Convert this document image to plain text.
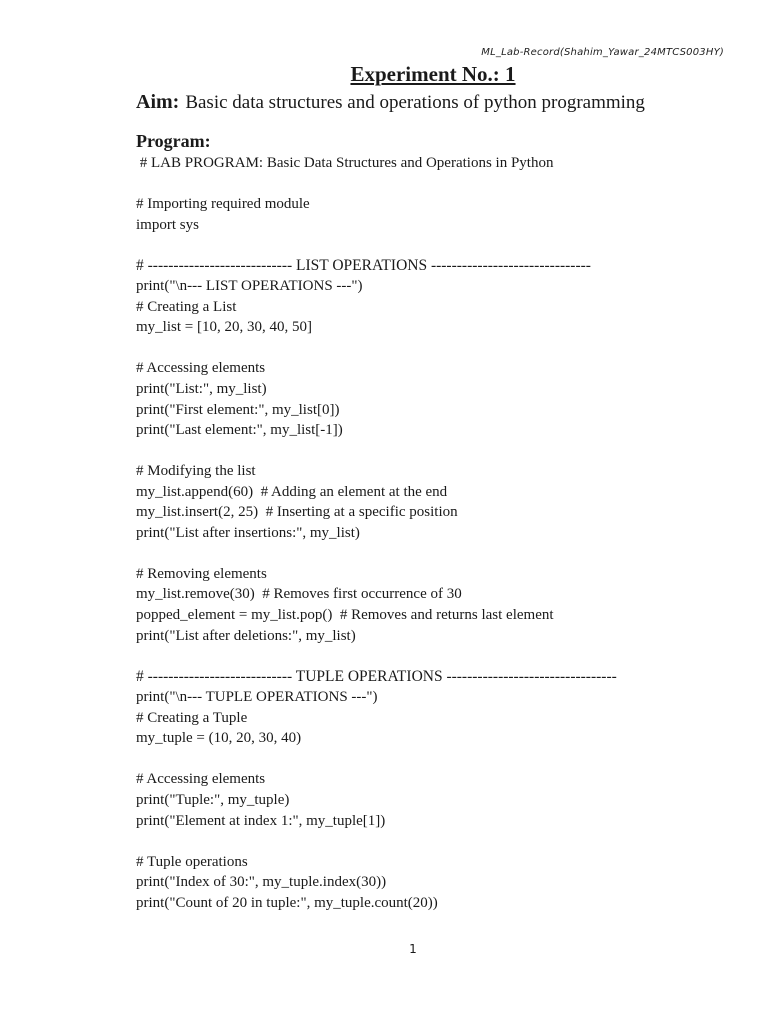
ML_Lab-Record(Shahim_Yawar_24MTCS003HY)
Experiment No.: 1
Aim: Basic data structures and operations of python programming
Program:
# LAB PROGRAM: Basic Data Structures and Operations in Python
# Importing required module
import sys
# ---------------------------- LIST OPERATIONS -------------------------------
print("\n--- LIST OPERATIONS ---")
# Creating a List
my_list = [10, 20, 30, 40, 50]
# Accessing elements
print("List:", my_list)
print("First element:", my_list[0])
print("Last element:", my_list[-1])
# Modifying the list
my_list.append(60)  # Adding an element at the end
my_list.insert(2, 25)  # Inserting at a specific position
print("List after insertions:", my_list)
# Removing elements
my_list.remove(30)  # Removes first occurrence of 30
popped_element = my_list.pop()  # Removes and returns last element
print("List after deletions:", my_list)
# ---------------------------- TUPLE OPERATIONS ---------------------------------
print("\n--- TUPLE OPERATIONS ---")
# Creating a Tuple
my_tuple = (10, 20, 30, 40)
# Accessing elements
print("Tuple:", my_tuple)
print("Element at index 1:", my_tuple[1])
# Tuple operations
print("Index of 30:", my_tuple.index(30))
print("Count of 20 in tuple:", my_tuple.count(20))
1
